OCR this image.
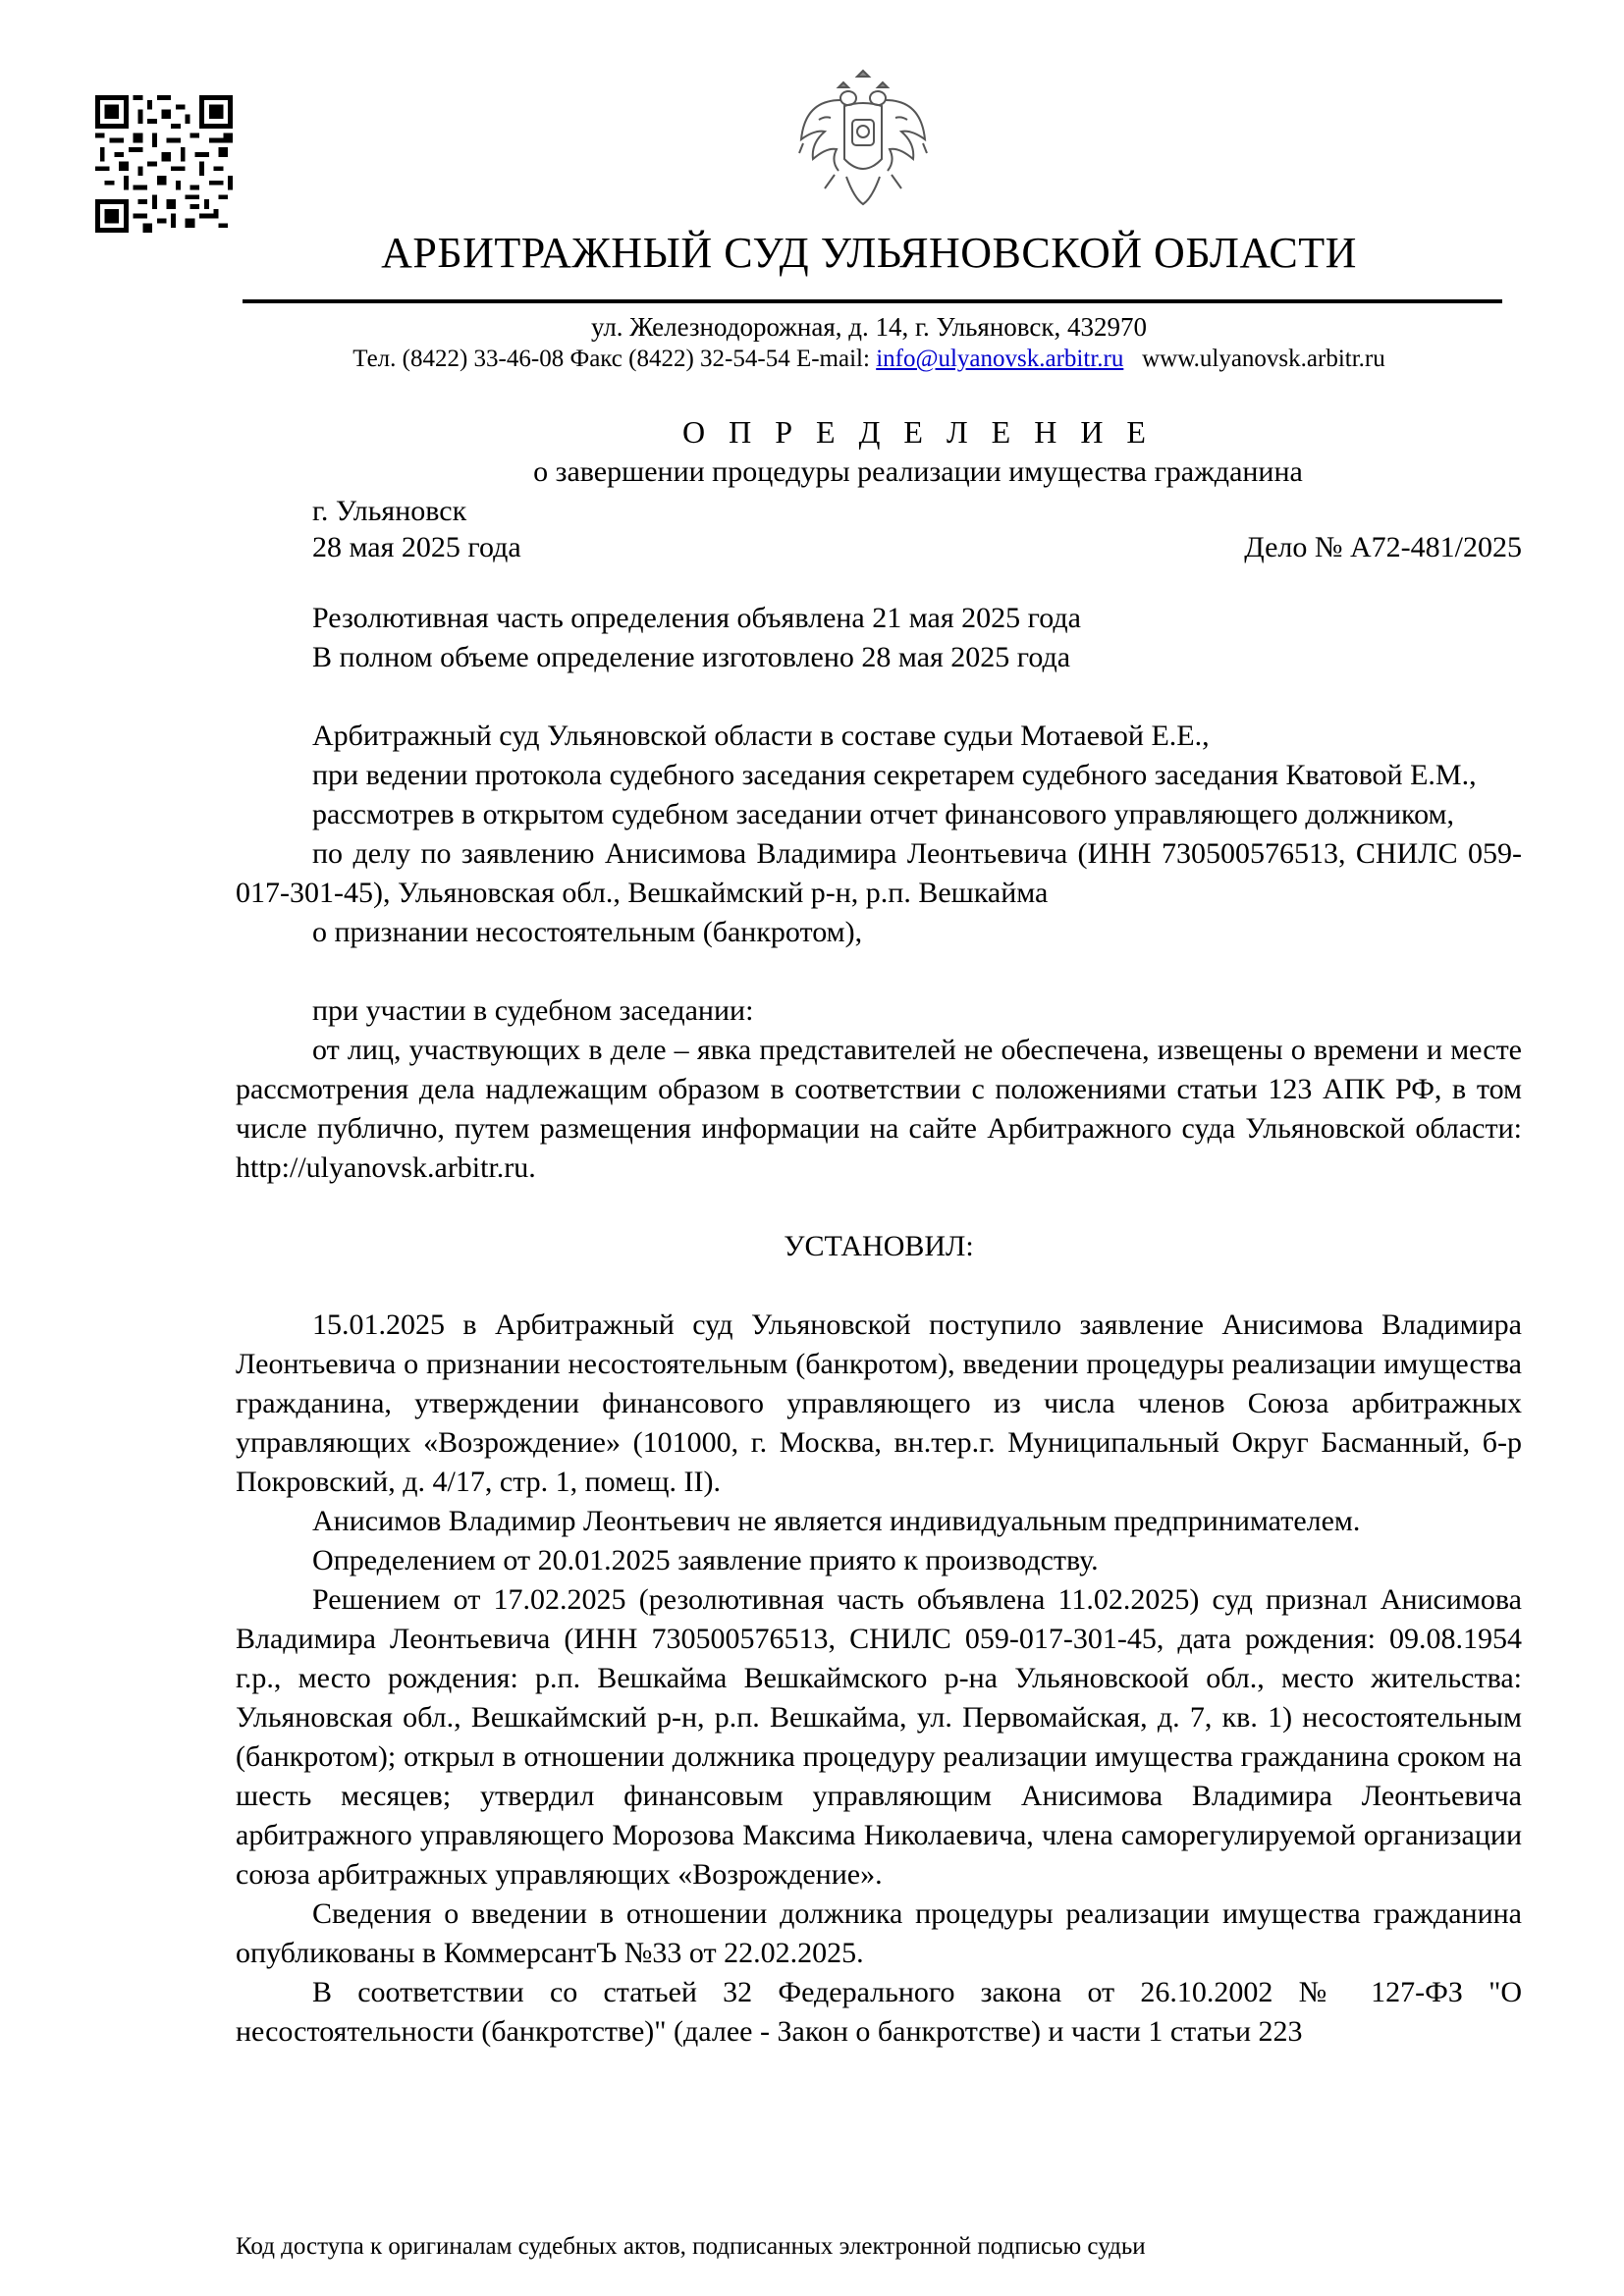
АРБИТРАЖНЫЙ СУД УЛЬЯНОВСКОЙ ОБЛАСТИ
ул. Железнодорожная, д. 14, г. Ульяновск, 432970
Тел. (8422) 33-46-08 Факс (8422) 32-54-54 E-mail: info@ulyanovsk.arbitr.ru www.ulyanovsk.arbitr.ru
О П Р Е Д Е Л Е Н И Е
о завершении процедуры реализации имущества гражданина
г. Ульяновск
28 мая 2025 года	Дело № А72-481/2025

Резолютивная часть определения объявлена 21 мая 2025 года

В полном объеме определение изготовлено 28 мая 2025 года

Арбитражный суд Ульяновской области в составе судьи Мотаевой Е.Е.,

при ведении протокола судебного заседания секретарем судебного заседания Кватовой Е.М.,

рассмотрев в открытом судебном заседании отчет финансового управляющего должником,

по делу по заявлению Анисимова Владимира Леонтьевича (ИНН 730500576513, СНИЛС 059-017-301-45), Ульяновская обл., Вешкаймский р-н, р.п. Вешкайма

о признании несостоятельным (банкротом),

при участии в судебном заседании:

от лиц, участвующих в деле – явка представителей не обеспечена, извещены о времени и месте рассмотрения дела надлежащим образом в соответствии с положениями статьи 123 АПК РФ, в том числе публично, путем размещения информации на сайте Арбитражного суда Ульяновской области: http://ulyanovsk.arbitr.ru.

УСТАНОВИЛ:

15.01.2025 в Арбитражный суд Ульяновской поступило заявление Анисимова Владимира Леонтьевича о признании несостоятельным (банкротом), введении процедуры реализации имущества гражданина, утверждении финансового управляющего из числа членов Союза арбитражных управляющих «Возрождение» (101000, г. Москва, вн.тер.г. Муниципальный Округ Басманный, б-р Покровский, д. 4/17, стр. 1, помещ. II).

Анисимов Владимир Леонтьевич не является индивидуальным предпринимателем.

Определением от 20.01.2025 заявление приято к производству.

Решением от 17.02.2025 (резолютивная часть объявлена 11.02.2025) суд признал Анисимова Владимира Леонтьевича (ИНН 730500576513, СНИЛС 059-017-301-45, дата рождения: 09.08.1954 г.р., место рождения: р.п. Вешкайма Вешкаймского р-на Ульяновскоой обл., место жительства: Ульяновская обл., Вешкаймский р-н, р.п. Вешкайма, ул. Первомайская, д. 7, кв. 1) несостоятельным (банкротом); открыл в отношении должника процедуру реализации имущества гражданина сроком на шесть месяцев; утвердил финансовым управляющим Анисимова Владимира Леонтьевича арбитражного управляющего Морозова Максима Николаевича, члена саморегулируемой организации союза арбитражных управляющих «Возрождение».

Сведения о введении в отношении должника процедуры реализации имущества гражданина опубликованы в КоммерсантЪ №33 от 22.02.2025.

В соответствии со статьей 32 Федерального закона от 26.10.2002 № 127-ФЗ "О несостоятельности (банкротстве)" (далее - Закон о банкротстве) и части 1 статьи 223

Код доступа к оригиналам судебных актов, подписанных электронной подписью судьи
